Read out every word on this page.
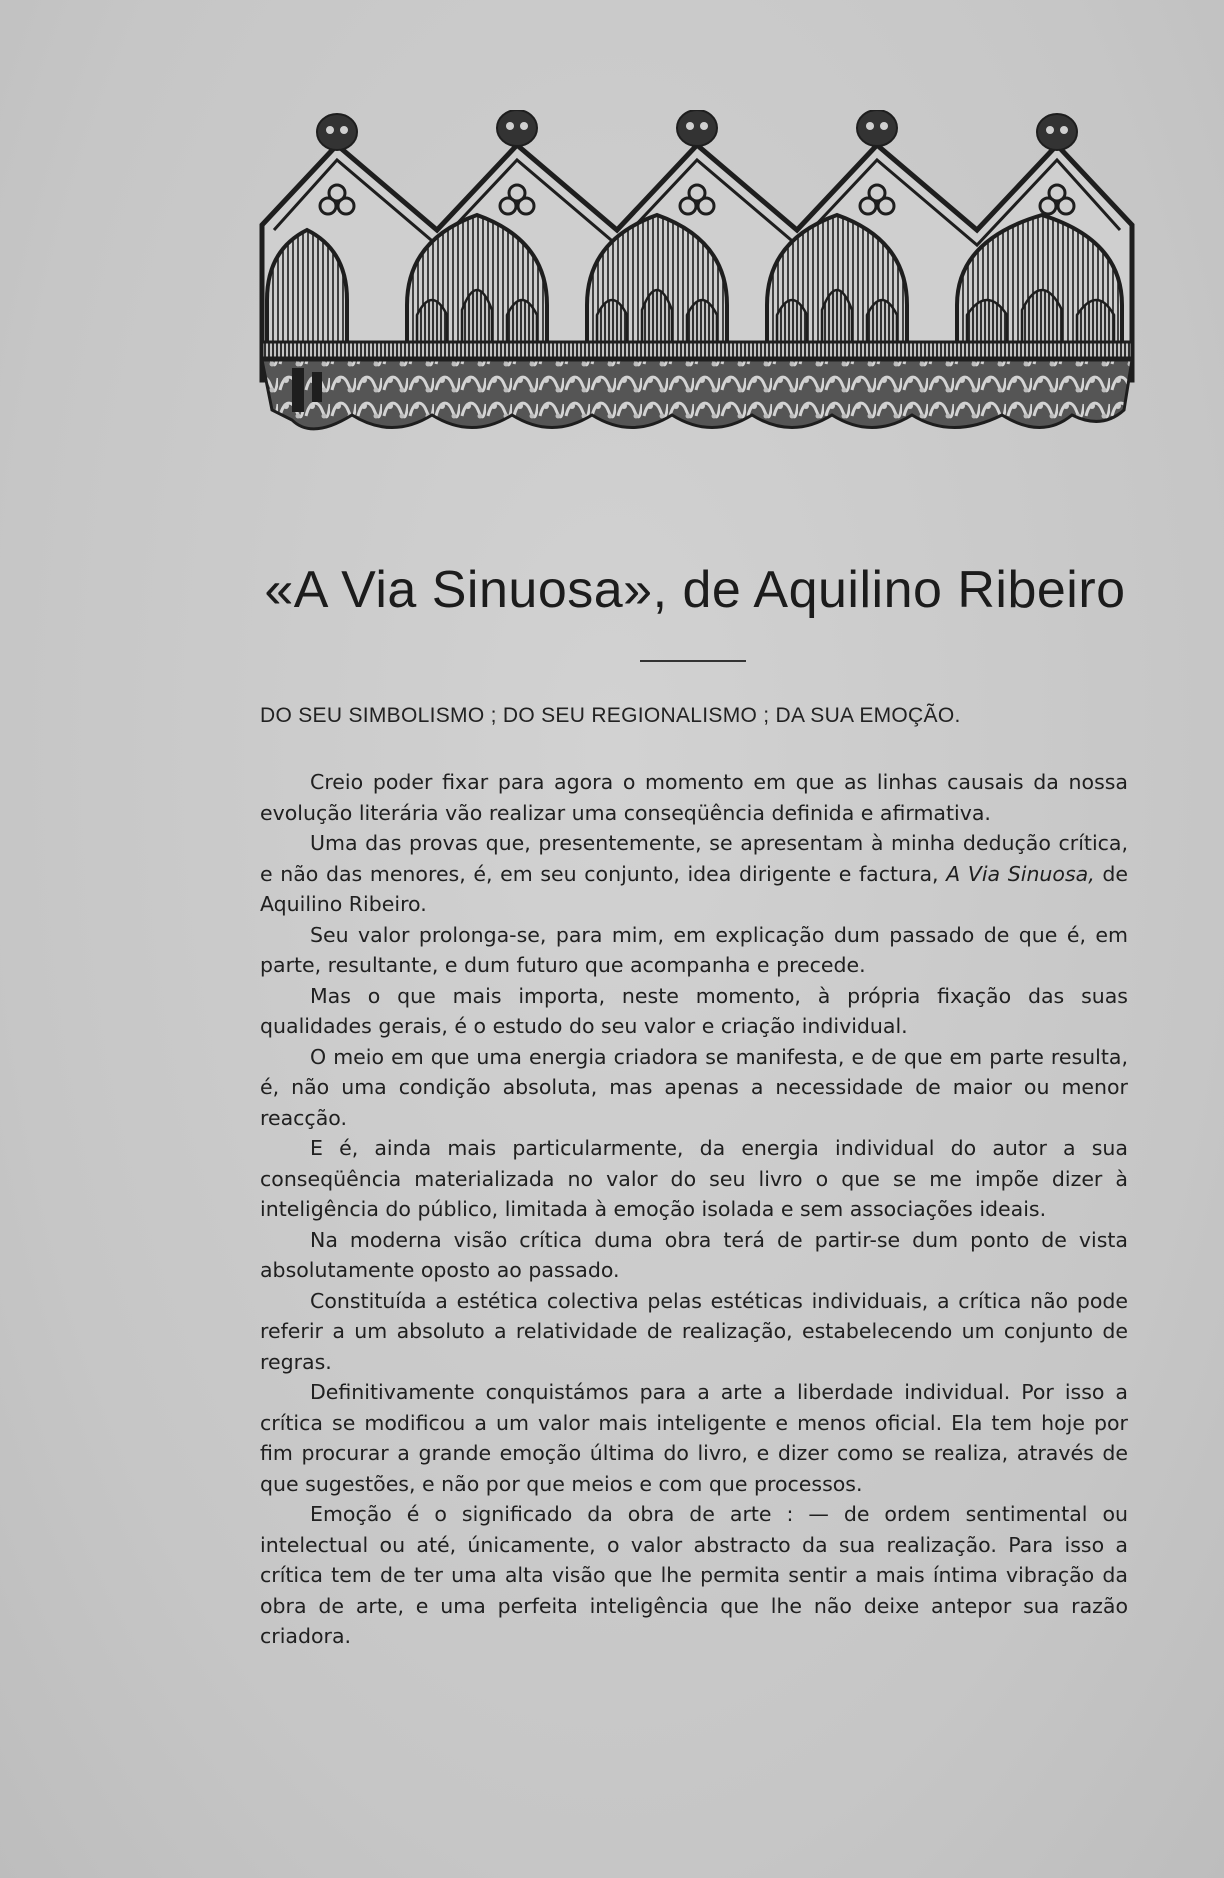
«A Via Sinuosa», de Aquilino Ribeiro
DO SEU SIMBOLISMO ; DO SEU REGIONALISMO ; DA SUA EMOÇÃO.

Creio poder fixar para agora o momento em que as linhas causais da nossa evolução literária vão realizar uma conseqüência definida e afirmativa.

Uma das provas que, presentemente, se apresentam à minha dedução crítica, e não das menores, é, em seu conjunto, idea dirigente e factura, A Via Sinuosa, de Aquilino Ribeiro.

Seu valor prolonga-se, para mim, em explicação dum passado de que é, em parte, resultante, e dum futuro que acompanha e precede.

Mas o que mais importa, neste momento, à própria fixação das suas qualidades gerais, é o estudo do seu valor e criação individual.

O meio em que uma energia criadora se manifesta, e de que em parte resulta, é, não uma condição absoluta, mas apenas a necessidade de maior ou menor reacção.

E é, ainda mais particularmente, da energia individual do autor a sua conseqüência materializada no valor do seu livro o que se me impõe dizer à inteligência do público, limitada à emoção isolada e sem associações ideais.

Na moderna visão crítica duma obra terá de partir-se dum ponto de vista absolutamente oposto ao passado.

Constituída a estética colectiva pelas estéticas individuais, a crítica não pode referir a um absoluto a relatividade de realização, estabelecendo um conjunto de regras.

Definitivamente conquistámos para a arte a liberdade individual. Por isso a crítica se modificou a um valor mais inteligente e menos oficial. Ela tem hoje por fim procurar a grande emoção última do livro, e dizer como se realiza, através de que sugestões, e não por que meios e com que processos.

Emoção é o significado da obra de arte : — de ordem sentimental ou intelectual ou até, únicamente, o valor abstracto da sua realização. Para isso a crítica tem de ter uma alta visão que lhe permita sentir a mais íntima vibração da obra de arte, e uma perfeita inteligência que lhe não deixe antepor sua razão criadora.
